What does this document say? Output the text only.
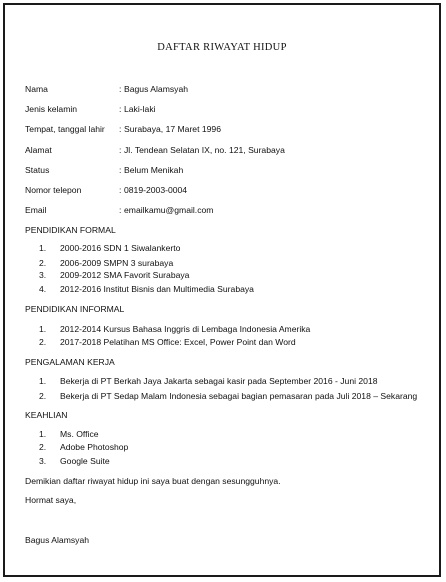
DAFTAR RIWAYAT HIDUP
Nama	: Bagus Alamsyah
Jenis kelamin	: Laki-laki
Tempat, tanggal lahir : Surabaya, 17 Maret 1996
Alamat	: Jl. Tendean Selatan IX, no. 121, Surabaya
Status	: Belum Menikah
Nomor telepon	: 0819-2003-0004
Email	: emailkamu@gmail.com
PENDIDIKAN FORMAL
1. 2000-2016 SDN 1 Siwalankerto
2. 2006-2009 SMPN 3 surabaya
3. 2009-2012 SMA Favorit Surabaya
4. 2012-2016 Institut Bisnis dan Multimedia Surabaya
PENDIDIKAN INFORMAL
1. 2012-2014 Kursus Bahasa Inggris di Lembaga Indonesia Amerika
2. 2017-2018 Pelatihan MS Office: Excel, Power Point dan Word
PENGALAMAN KERJA
1. Bekerja di PT Berkah Jaya Jakarta sebagai kasir pada September 2016 - Juni 2018
2. Bekerja di PT Sedap Malam Indonesia sebagai bagian pemasaran pada Juli 2018 – Sekarang
KEAHLIAN
1. Ms. Office
2. Adobe Photoshop
3. Google Suite
Demikian daftar riwayat hidup ini saya buat dengan sesungguhnya.
Hormat saya,
Bagus Alamsyah
